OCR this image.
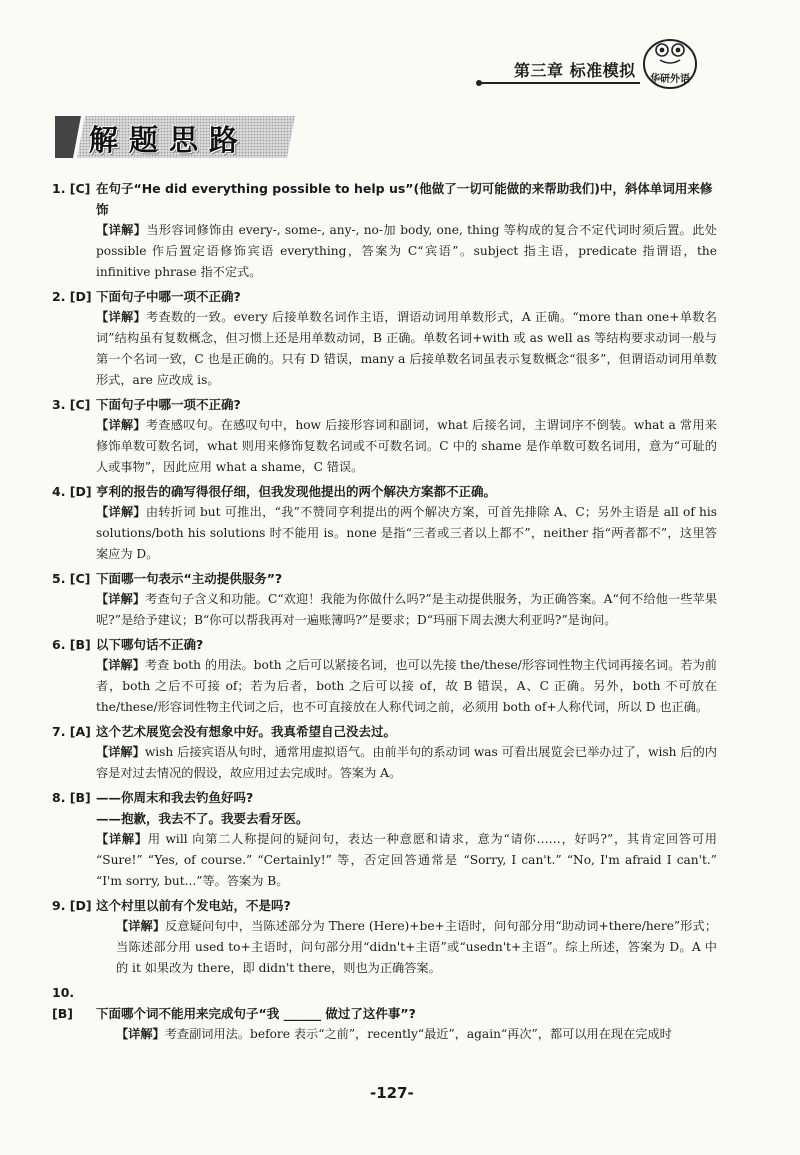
第三章 标准模拟	华研外语
解题思路
1. [C] 在句子“He did everything possible to help us”(他做了一切可能做的来帮助我们)中，斜体单词用来修饰
【详解】当形容词修饰由 every-, some-, any-, no-加 body, one, thing 等构成的复合不定代词时须后置。此处 possible 作后置定语修饰宾语 everything，答案为 C“宾语”。subject 指主语，predicate 指谓语，the infinitive phrase 指不定式。
2. [D] 下面句子中哪一项不正确?
【详解】考查数的一致。every 后接单数名词作主语，谓语动词用单数形式，A 正确。“more than one+单数名词”结构虽有复数概念，但习惯上还是用单数动词，B 正确。单数名词+with 或 as well as 等结构要求动词一般与第一个名词一致，C 也是正确的。只有 D 错误，many a 后接单数名词虽表示复数概念“很多”，但谓语动词用单数形式，are 应改成 is。
3. [C] 下面句子中哪一项不正确?
【详解】考查感叹句。在感叹句中，how 后接形容词和副词，what 后接名词，主谓词序不倒装。what a 常用来修饰单数可数名词，what 则用来修饰复数名词或不可数名词。C 中的 shame 是作单数可数名词用，意为“可耻的人或事物”，因此应用 what a shame，C 错误。
4. [D] 亨利的报告的确写得很仔细，但我发现他提出的两个解决方案都不正确。
【详解】由转折词 but 可推出，“我”不赞同亨利提出的两个解决方案，可首先排除 A、C；另外主语是 all of his solutions/both his solutions 时不能用 is。none 是指“三者或三者以上都不”，neither 指“两者都不”，这里答案应为 D。
5. [C] 下面哪一句表示“主动提供服务”?
【详解】考查句子含义和功能。C“欢迎！我能为你做什么吗?”是主动提供服务，为正确答案。A“何不给他一些苹果呢?”是给予建议；B“你可以帮我再对一遍账簿吗?”是要求；D“玛丽下周去澳大利亚吗?”是询问。
6. [B] 以下哪句话不正确?
【详解】考查 both 的用法。both 之后可以紧接名词，也可以先接 the/these/形容词性物主代词再接名词。若为前者，both 之后不可接 of；若为后者，both 之后可以接 of，故 B 错误，A、C 正确。另外，both 不可放在 the/these/形容词性物主代词之后，也不可直接放在人称代词之前，必须用 both of+人称代词，所以 D 也正确。
7. [A] 这个艺术展览会没有想象中好。我真希望自己没去过。
【详解】wish 后接宾语从句时，通常用虚拟语气。由前半句的系动词 was 可看出展览会已举办过了，wish 后的内容是对过去情况的假设，故应用过去完成时。答案为 A。
8. [B] ——你周末和我去钓鱼好吗?
——抱歉，我去不了。我要去看牙医。
【详解】用 will 向第二人称提问的疑问句，表达一种意愿和请求，意为“请你……，好吗?”，其肯定回答可用 “Sure!” “Yes, of course.” “Certainly!” 等，否定回答通常是 “Sorry, I can't.” “No, I'm afraid I can't.” “I'm sorry, but...”等。答案为 B。
9. [D] 这个村里以前有个发电站，不是吗?
【详解】反意疑问句中，当陈述部分为 There (Here)+be+主语时，问句部分用“助动词+there/here”形式；当陈述部分用 used to+主语时，问句部分用“didn't+主语”或“usedn't+主语”。综上所述，答案为 D。A 中的 it 如果改为 there，即 didn't there，则也为正确答案。
10. [B] 下面哪个词不能用来完成句子“我 ______ 做过了这件事”?
【详解】考查副词用法。before 表示“之前”，recently“最近”，again“再次”，都可以用在现在完成时
-127-
